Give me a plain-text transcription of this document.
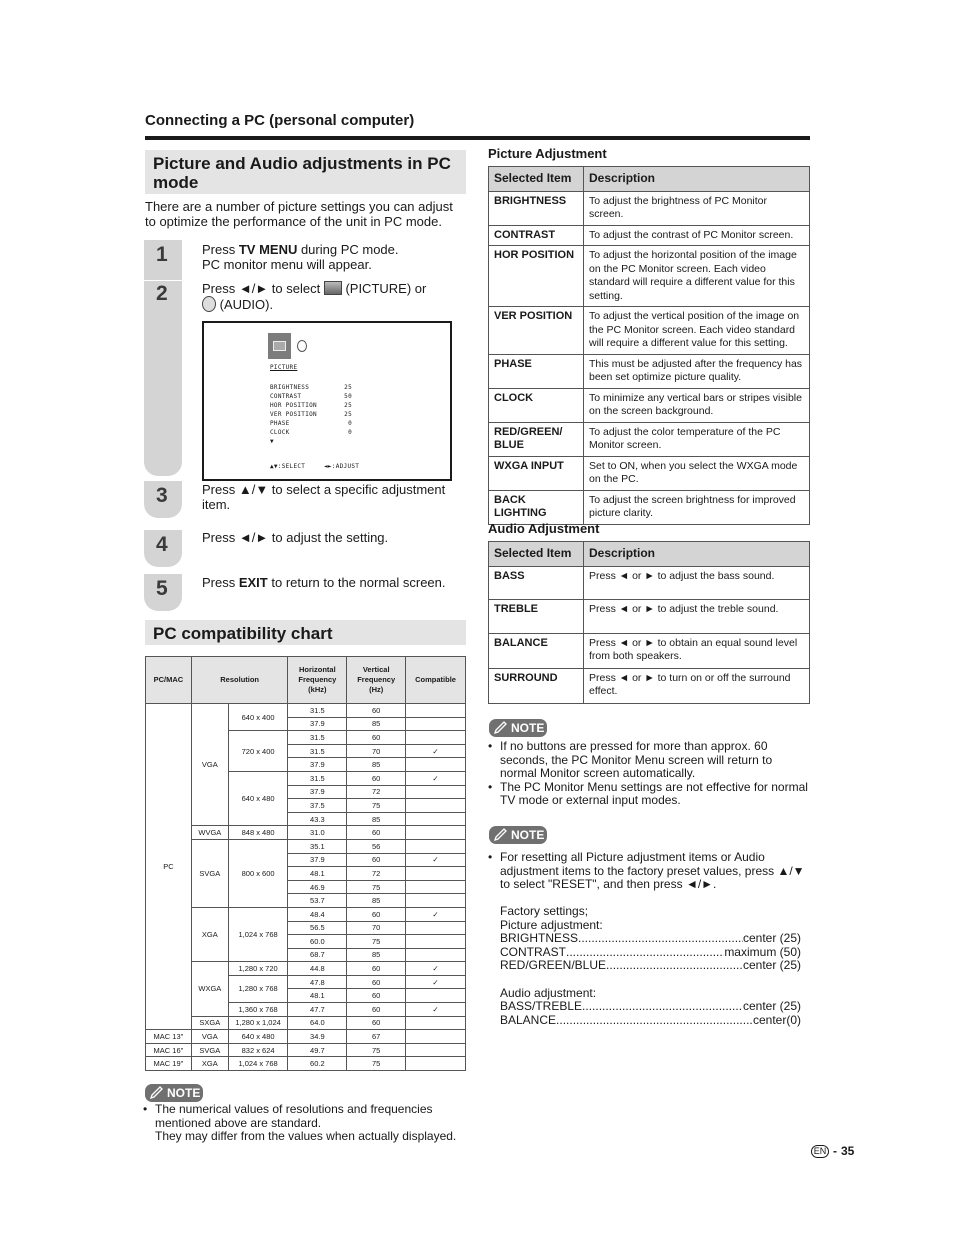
Connecting a PC (personal computer)
Picture and Audio adjustments in PC mode
There are a number of picture settings you can adjust to optimize the performance of the unit in PC mode.
1
2
3
4
5
Press TV MENU during PC mode.
PC monitor menu will appear.
Press ◄/► to select  (PICTURE) or
(AUDIO).
PICTURE
BRIGHTNESS	25
CONTRAST	50
HOR POSITION	25
VER POSITION	25
PHASE	0
CLOCK	0
▼
▲▼:SELECT	◄►:ADJUST
Press ▲/▼ to select a specific adjustment item.
Press ◄/► to adjust the setting.
Press EXIT to return to the normal screen.
PC compatibility chart
PC/MAC	Resolution		Horizontal Frequency (kHz)	Vertical Frequency (Hz)	Compatible
PC	VGA	640 x 400	31.5	60	
			37.9	85	
		720 x 400	31.5	60	
			31.5	70	✓
			37.9	85	
		640 x 480	31.5	60	✓
			37.9	72	
			37.5	75	
			43.3	85	
	WVGA	848 x 480	31.0	60	
	SVGA	800 x 600	35.1	56	
			37.9	60	✓
			48.1	72	
			46.9	75	
			53.7	85	
	XGA	1,024 x 768	48.4	60	✓
			56.5	70	
			60.0	75	
			68.7	85	
	WXGA	1,280 x 720	44.8	60	✓
		1,280 x 768	47.8	60	✓
			48.1	60	
		1,360 x 768	47.7	60	✓
	SXGA	1,280 x 1,024	64.0	60	
MAC 13"	VGA	640 x 480	34.9	67	
MAC 16"	SVGA	832 x 624	49.7	75	
MAC 19"	XGA	1,024 x 768	60.2	75	
NOTE
• The numerical values of resolutions and frequencies mentioned above are standard.
They may differ from the values when actually displayed.
Picture Adjustment
Selected Item	Description
BRIGHTNESS	To adjust the brightness of PC Monitor screen.
CONTRAST	To adjust the contrast of PC Monitor screen.
HOR POSITION	To adjust the horizontal position of the image on the PC Monitor screen. Each video standard will require a different value for this setting.
VER POSITION	To adjust the vertical position of the image on the PC Monitor screen. Each video standard will require a different value for this setting.
PHASE	This must be adjusted after the frequency has been set optimize picture quality.
CLOCK	To minimize any vertical bars or stripes visible on the screen background.
RED/GREEN/ BLUE	To adjust the color temperature of the PC Monitor screen.
WXGA INPUT	Set to ON, when you select the WXGA mode on the PC.
BACK LIGHTING	To adjust the screen brightness for improved picture clarity.
Audio Adjustment
Selected Item	Description
BASS	Press ◄ or ► to adjust the bass sound.
TREBLE	Press ◄ or ► to adjust the treble sound.
BALANCE	Press ◄ or ► to obtain an equal sound level from both speakers.
SURROUND	Press ◄ or ► to turn on or off the surround effect.
NOTE
• If no buttons are pressed for more than approx. 60 seconds, the PC Monitor Menu screen will return to normal Monitor screen automatically.
• The PC Monitor Menu settings are not effective for normal TV mode or external input modes.
NOTE
• For resetting all Picture adjustment items or Audio adjustment items to the factory preset values, press ▲/▼ to select "RESET", and then press ◄/►.
Factory settings;
Picture adjustment:
BRIGHTNESS .....	center (25)
CONTRAST .....	maximum (50)
RED/GREEN/BLUE .....	center (25)
Audio adjustment:
BASS/TREBLE .....	center (25)
BALANCE .....	center(0)
EN - 35
